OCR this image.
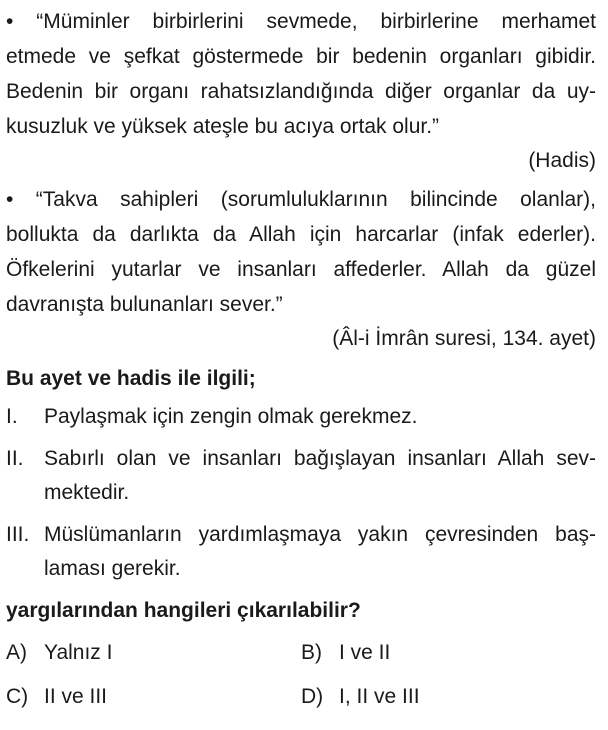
• “Müminler birbirlerini sevmede, birbirlerine merhamet
etmede ve şefkat göstermede bir bedenin organları gibidir.
Bedenin bir organı rahatsızlandığında diğer organlar da uy-
kusuzluk ve yüksek ateşle bu acıya ortak olur.”
(Hadis)
• “Takva sahipleri (sorumluluklarının bilincinde olanlar),
bollukta da darlıkta da Allah için harcarlar (infak ederler).
Öfkelerini yutarlar ve insanları affederler. Allah da güzel
davranışta bulunanları sever.”
(Âl-i İmrân suresi, 134. ayet)
Bu ayet ve hadis ile ilgili;
I.	Paylaşmak için zengin olmak gerekmez.
II. Sabırlı olan ve insanları bağışlayan insanları Allah sev-
mektedir.
III. Müslümanların yardımlaşmaya yakın çevresinden baş-
laması gerekir.
yargılarından hangileri çıkarılabilir?
A) Yalnız I	B) I ve II
C) II ve III	D) I, II ve III
